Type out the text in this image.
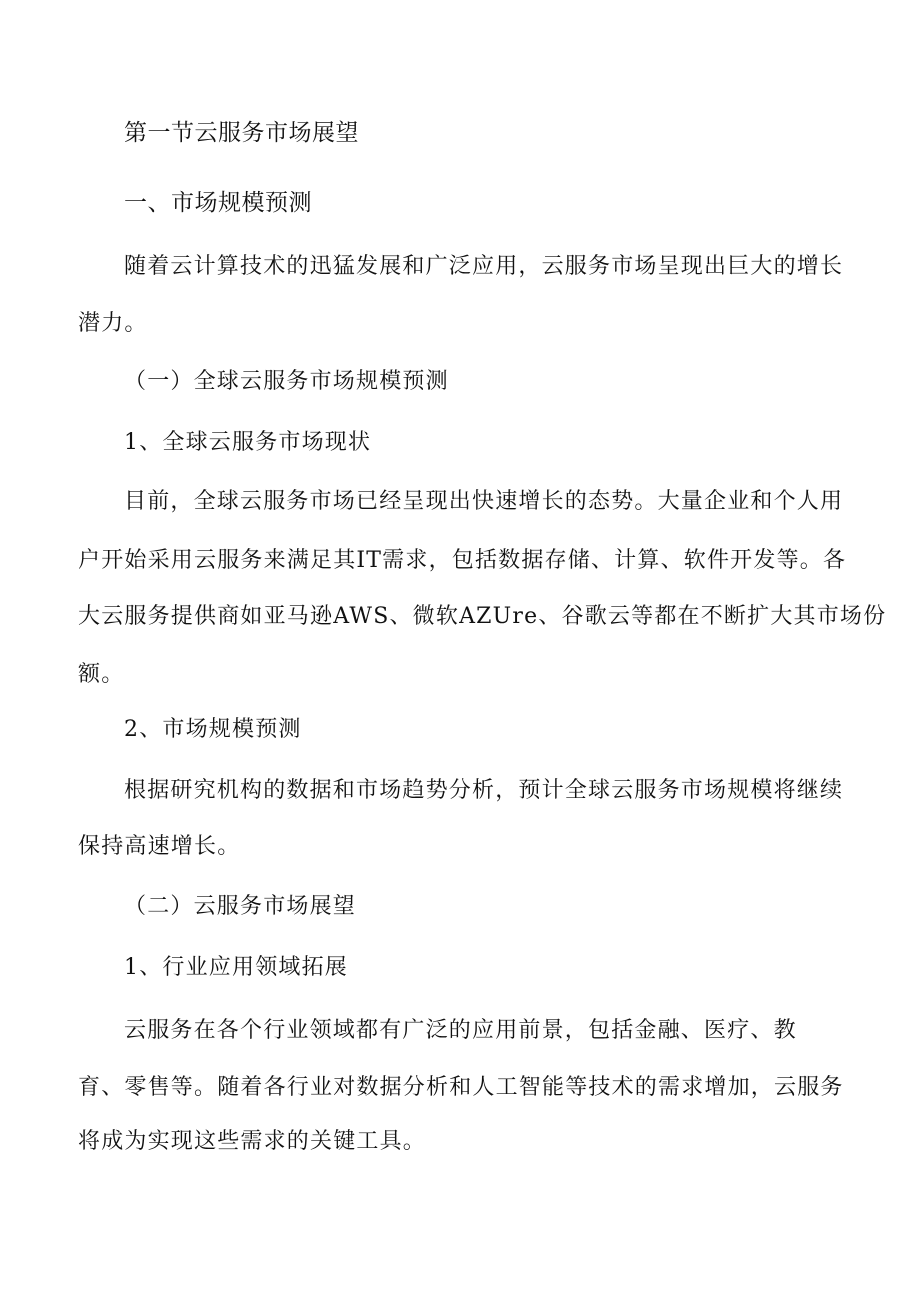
第一节云服务市场展望
一、市场规模预测
随着云计算技术的迅猛发展和广泛应用，云服务市场呈现出巨大的增长
潜力。
（一）全球云服务市场规模预测
1、全球云服务市场现状
目前，全球云服务市场已经呈现出快速增长的态势。大量企业和个人用
户开始采用云服务来满足其IT需求，包括数据存储、计算、软件开发等。各
大云服务提供商如亚马逊AWS、微软AZUre、谷歌云等都在不断扩大其市场份
额。
2、市场规模预测
根据研究机构的数据和市场趋势分析，预计全球云服务市场规模将继续
保持高速增长。
（二）云服务市场展望
1、行业应用领域拓展
云服务在各个行业领域都有广泛的应用前景，包括金融、医疗、教
育、零售等。随着各行业对数据分析和人工智能等技术的需求增加，云服务
将成为实现这些需求的关键工具。
